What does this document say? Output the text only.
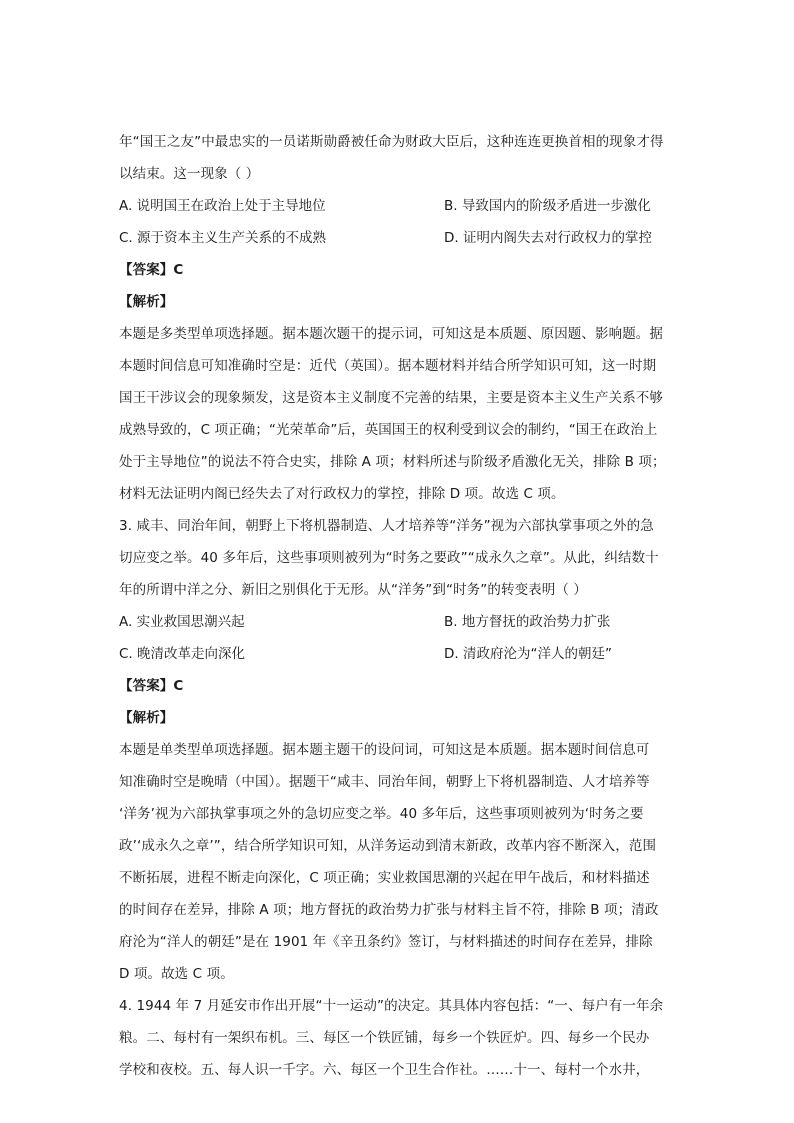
年“国王之友”中最忠实的一员诺斯勋爵被任命为财政大臣后，这种连连更换首相的现象才得
以结束。这一现象（ ）
A. 说明国王在政治上处于主导地位	B. 导致国内的阶级矛盾进一步激化
C. 源于资本主义生产关系的不成熟	D. 证明内阁失去对行政权力的掌控
【答案】C
【解析】
本题是多类型单项选择题。据本题次题干的提示词，可知这是本质题、原因题、影响题。据
本题时间信息可知准确时空是：近代（英国）。据本题材料并结合所学知识可知，这一时期
国王干涉议会的现象频发，这是资本主义制度不完善的结果，主要是资本主义生产关系不够
成熟导致的，C 项正确；“光荣革命”后，英国国王的权利受到议会的制约，“国王在政治上
处于主导地位”的说法不符合史实，排除 A 项；材料所述与阶级矛盾激化无关，排除 B 项；
材料无法证明内阁已经失去了对行政权力的掌控，排除 D 项。故选 C 项。
3. 咸丰、同治年间，朝野上下将机器制造、人才培养等“洋务”视为六部执掌事项之外的急
切应变之举。40 多年后，这些事项则被列为“时务之要政”“成永久之章”。从此，纠结数十
年的所谓中洋之分、新旧之别俱化于无形。从“洋务”到“时务”的转变表明（ ）
A. 实业救国思潮兴起	B. 地方督抚的政治势力扩张
C. 晚清改革走向深化	D. 清政府沦为“洋人的朝廷”
【答案】C
【解析】
本题是单类型单项选择题。据本题主题干的设问词，可知这是本质题。据本题时间信息可
知准确时空是晚晴（中国）。据题干“咸丰、同治年间，朝野上下将机器制造、人才培养等
‘洋务’视为六部执掌事项之外的急切应变之举。40 多年后，这些事项则被列为‘时务之要
政’‘成永久之章’”，结合所学知识可知，从洋务运动到清末新政，改革内容不断深入，范围
不断拓展，进程不断走向深化，C 项正确；实业救国思潮的兴起在甲午战后，和材料描述
的时间存在差异，排除 A 项；地方督抚的政治势力扩张与材料主旨不符，排除 B 项；清政
府沦为“洋人的朝廷”是在 1901 年《辛丑条约》签订，与材料描述的时间存在差异，排除
D 项。故选 C 项。
4. 1944 年 7 月延安市作出开展“十一运动”的决定。其具体内容包括：“一、每户有一年余
粮。二、每村有一架织布机。三、每区一个铁匠铺，每乡一个铁匠炉。四、每乡一个民办
学校和夜校。五、每人识一千字。六、每区一个卫生合作社。……十一、每村一个水井，
